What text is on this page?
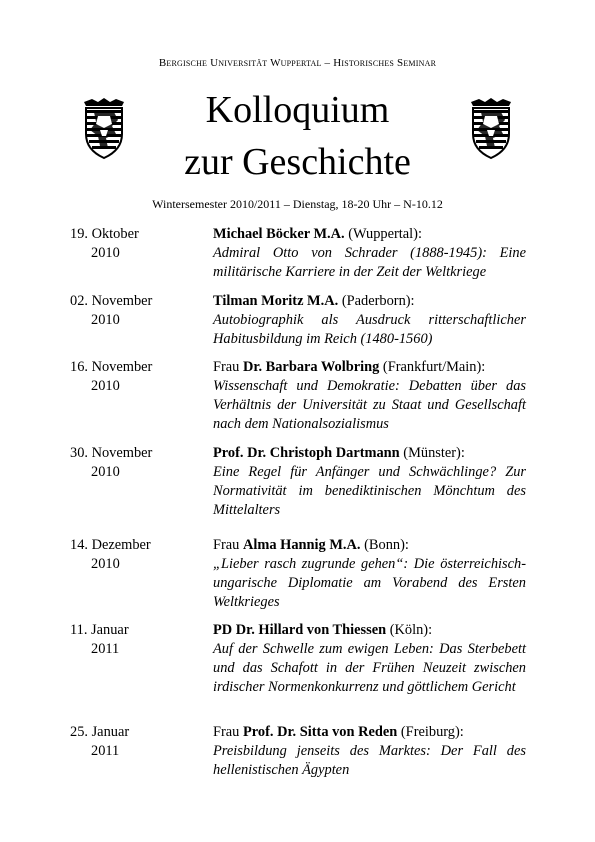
Bergische Universität Wuppertal – Historisches Seminar
Kolloquium
zur Geschichte
Wintersemester 2010/2011 – Dienstag, 18-20 Uhr – N-10.12
19. Oktober
2010
Michael Böcker M.A. (Wuppertal):
Admiral Otto von Schrader (1888-1945): Eine militärische Karriere in der Zeit der Weltkriege
02. November
2010
Tilman Moritz M.A. (Paderborn):
Autobiographik als Ausdruck ritterschaftlicher Habitusbildung im Reich (1480-1560)
16. November
2010
Frau Dr. Barbara Wolbring (Frankfurt/Main):
Wissenschaft und Demokratie: Debatten über das Verhältnis der Universität zu Staat und Gesellschaft nach dem Nationalsozialismus
30. November
2010
Prof. Dr. Christoph Dartmann (Münster):
Eine Regel für Anfänger und Schwächlinge? Zur Normativität im benediktinischen Mönchtum des Mittelalters
14. Dezember
2010
Frau Alma Hannig M.A. (Bonn):
„Lieber rasch zugrunde gehen“: Die österreichisch-ungarische Diplomatie am Vorabend des Ersten Weltkrieges
11. Januar
2011
PD Dr. Hillard von Thiessen (Köln):
Auf der Schwelle zum ewigen Leben: Das Sterbebett und das Schafott in der Frühen Neuzeit zwischen irdischer Normenkonkurrenz und göttlichem Gericht
25. Januar
2011
Frau Prof. Dr. Sitta von Reden (Freiburg):
Preisbildung jenseits des Marktes: Der Fall des hellenistischen Ägypten
